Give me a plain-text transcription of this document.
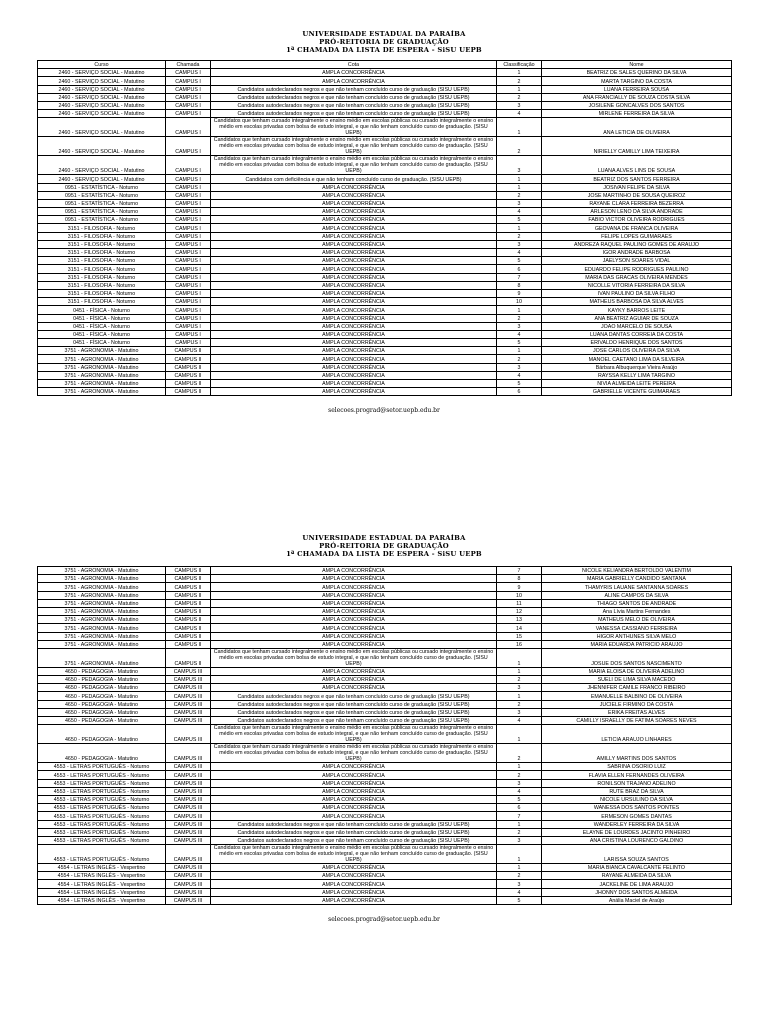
UNIVERSIDADE ESTADUAL DA PARAÍBA
PRÓ-REITORIA DE GRADUAÇÃO
1ª CHAMADA DA LISTA DE ESPERA - SiSU UEPB
Curso	Chamada	Cota	Classificação	Nome
2460 - SERVIÇO SOCIAL - Matutino	CAMPUS I	AMPLA CONCORRÊNCIA	1	BEATRIZ DE SALES QUERINO DA SILVA
2460 - SERVIÇO SOCIAL - Matutino	CAMPUS I	AMPLA CONCORRÊNCIA	2	MARTA TARGINO DA COSTA
2460 - SERVIÇO SOCIAL - Matutino	CAMPUS I	Candidatos autodeclarados negros e que não tenham concluído curso de graduação (SISU UEPB)	1	LUANA FERREIRA SOUSA
2460 - SERVIÇO SOCIAL - Matutino	CAMPUS I	Candidatos autodeclarados negros e que não tenham concluído curso de graduação (SISU UEPB)	2	ANA FRANCIALLY DE SOUZA COSTA SILVA
2460 - SERVIÇO SOCIAL - Matutino	CAMPUS I	Candidatos autodeclarados negros e que não tenham concluído curso de graduação (SISU UEPB)	3	JOSILENE GONCALVES DOS SANTOS
2460 - SERVIÇO SOCIAL - Matutino	CAMPUS I	Candidatos autodeclarados negros e que não tenham concluído curso de graduação (SISU UEPB)	4	MIRLENE FERREIRA DA SILVA
2460 - SERVIÇO SOCIAL - Matutino	CAMPUS I	Candidatos que tenham cursado integralmente o ensino médio em escolas públicas ou cursado integralmente o ensino médio em escolas privadas com bolsa de estudo integral, e que não tenham concluído curso de graduação. (SISU UEPB)	1	ANA LETICIA DE OLIVEIRA
2460 - SERVIÇO SOCIAL - Matutino	CAMPUS I	Candidatos que tenham cursado integralmente o ensino médio em escolas públicas ou cursado integralmente o ensino médio em escolas privadas com bolsa de estudo integral, e que não tenham concluído curso de graduação. (SISU UEPB)	2	NIRIELLY CAMILLY LIMA TEIXEIRA
2460 - SERVIÇO SOCIAL - Matutino	CAMPUS I	Candidatos que tenham cursado integralmente o ensino médio em escolas públicas ou cursado integralmente o ensino médio em escolas privadas com bolsa de estudo integral, e que não tenham concluído curso de graduação. (SISU UEPB)	3	LUANA ALVES LINS DE SOUSA
2460 - SERVIÇO SOCIAL - Matutino	CAMPUS I	Candidatos com deficiência e que não tenham concluído curso de graduação. (SISU UEPB)	1	BEATRIZ DOS SANTOS FERREIRA
0951 - ESTATÍSTICA - Noturno	CAMPUS I	AMPLA CONCORRÊNCIA	1	JOSIVAN FELIPE DA SILVA
0951 - ESTATÍSTICA - Noturno	CAMPUS I	AMPLA CONCORRÊNCIA	2	JOSE MARTINHO DE SOUSA QUEIROZ
0951 - ESTATÍSTICA - Noturno	CAMPUS I	AMPLA CONCORRÊNCIA	3	RAYANE CLARA FERREIRA BEZERRA
0951 - ESTATÍSTICA - Noturno	CAMPUS I	AMPLA CONCORRÊNCIA	4	ARLESON LENO DA SILVA ANDRADE
0951 - ESTATÍSTICA - Noturno	CAMPUS I	AMPLA CONCORRÊNCIA	5	FABIO VICTOR OLIVEIRA RODRIGUES
3151 - FILOSOFIA - Noturno	CAMPUS I	AMPLA CONCORRÊNCIA	1	GEOVANA DE FRANCA OLIVEIRA
3151 - FILOSOFIA - Noturno	CAMPUS I	AMPLA CONCORRÊNCIA	2	FELIPE LOPES GUIMARAES
3151 - FILOSOFIA - Noturno	CAMPUS I	AMPLA CONCORRÊNCIA	3	ANDREZA RAQUEL PAULINO GOMES DE ARAUJO
3151 - FILOSOFIA - Noturno	CAMPUS I	AMPLA CONCORRÊNCIA	4	IGOR ANDRADE BARBOSA
3151 - FILOSOFIA - Noturno	CAMPUS I	AMPLA CONCORRÊNCIA	5	JAELYSON SOARES VIDAL
3151 - FILOSOFIA - Noturno	CAMPUS I	AMPLA CONCORRÊNCIA	6	EDUARDO FELIPE RODRIGUES PAULINO
3151 - FILOSOFIA - Noturno	CAMPUS I	AMPLA CONCORRÊNCIA	7	MARIA DAS GRACAS OLIVEIRA MENDES
3151 - FILOSOFIA - Noturno	CAMPUS I	AMPLA CONCORRÊNCIA	8	NICOLLE VITORIA FERREIRA DA SILVA
3151 - FILOSOFIA - Noturno	CAMPUS I	AMPLA CONCORRÊNCIA	9	IVAN PAULINO DA SILVA FILHO
3151 - FILOSOFIA - Noturno	CAMPUS I	AMPLA CONCORRÊNCIA	10	MATHEUS BARBOSA DA SILVA ALVES
0451 - FÍSICA - Noturno	CAMPUS I	AMPLA CONCORRÊNCIA	1	KAYKY BARROS LEITE
0451 - FÍSICA - Noturno	CAMPUS I	AMPLA CONCORRÊNCIA	2	ANA BEATRIZ AGUIAR DE SOUZA
0451 - FÍSICA - Noturno	CAMPUS I	AMPLA CONCORRÊNCIA	3	JOAO MARCELO DE SOUSA
0451 - FÍSICA - Noturno	CAMPUS I	AMPLA CONCORRÊNCIA	4	LUANA DANTAS CORREIA DA COSTA
0451 - FÍSICA - Noturno	CAMPUS I	AMPLA CONCORRÊNCIA	5	ERIVALDO HENRIQUE DOS SANTOS
3751 - AGRONOMIA - Matutino	CAMPUS II	AMPLA CONCORRÊNCIA	1	JOSE CARLOS OLIVEIRA DA SILVA
3751 - AGRONOMIA - Matutino	CAMPUS II	AMPLA CONCORRÊNCIA	2	MANOEL CAETANO LIMA DA SILVEIRA
3751 - AGRONOMIA - Matutino	CAMPUS II	AMPLA CONCORRÊNCIA	3	Bárbara Albuquerque Vieira Araújo
3751 - AGRONOMIA - Matutino	CAMPUS II	AMPLA CONCORRÊNCIA	4	RAYSSA KELLY LIMA TARGINO
3751 - AGRONOMIA - Matutino	CAMPUS II	AMPLA CONCORRÊNCIA	5	NIVIA ALMEIDA LEITE PEREIRA
3751 - AGRONOMIA - Matutino	CAMPUS II	AMPLA CONCORRÊNCIA	6	GABRIELLE VICENTE GUIMARAES
selecoes.prograd@setor.uepb.edu.br
UNIVERSIDADE ESTADUAL DA PARAÍBA
PRÓ-REITORIA DE GRADUAÇÃO
1ª CHAMADA DA LISTA DE ESPERA - SiSU UEPB
3751 - AGRONOMIA - Matutino	CAMPUS II	AMPLA CONCORRÊNCIA	7	NICOLE KELIANDRA BERTOLDO VALENTIM
3751 - AGRONOMIA - Matutino	CAMPUS II	AMPLA CONCORRÊNCIA	8	MARIA GABRIELLY CANDIDO SANTANA
3751 - AGRONOMIA - Matutino	CAMPUS II	AMPLA CONCORRÊNCIA	9	THAMYRIS LAUANE SANTANNA SOARES
3751 - AGRONOMIA - Matutino	CAMPUS II	AMPLA CONCORRÊNCIA	10	ALINE CAMPOS DA SILVA
3751 - AGRONOMIA - Matutino	CAMPUS II	AMPLA CONCORRÊNCIA	11	THIAGO SANTOS DE ANDRADE
3751 - AGRONOMIA - Matutino	CAMPUS II	AMPLA CONCORRÊNCIA	12	Ana Lívia Martins Fernandes
3751 - AGRONOMIA - Matutino	CAMPUS II	AMPLA CONCORRÊNCIA	13	MATHEUS MELO DE OLIVEIRA
3751 - AGRONOMIA - Matutino	CAMPUS II	AMPLA CONCORRÊNCIA	14	VANESSA CASSIANO FERREIRA
3751 - AGRONOMIA - Matutino	CAMPUS II	AMPLA CONCORRÊNCIA	15	HIGOR ANTHUNES SILVA MELO
3751 - AGRONOMIA - Matutino	CAMPUS II	AMPLA CONCORRÊNCIA	16	MARIA EDUARDA PATRICIO ARAUJO
3751 - AGRONOMIA - Matutino	CAMPUS II	Candidatos que tenham cursado integralmente o ensino médio em escolas públicas ou cursado integralmente o ensino médio em escolas privadas com bolsa de estudo integral, e que não tenham concluído curso de graduação. (SISU UEPB)	1	JOSUE DOS SANTOS NASCIMENTO
4650 - PEDAGOGIA - Matutino	CAMPUS III	AMPLA CONCORRÊNCIA	1	MARIA ELOISA DE OLIVEIRA ADELINO
4650 - PEDAGOGIA - Matutino	CAMPUS III	AMPLA CONCORRÊNCIA	2	SUELI DE LIMA SILVA MACEDO
4650 - PEDAGOGIA - Matutino	CAMPUS III	AMPLA CONCORRÊNCIA	3	JHENNIFER CAMILE FRANCO RIBEIRO
4650 - PEDAGOGIA - Matutino	CAMPUS III	Candidatos autodeclarados negros e que não tenham concluído curso de graduação (SISU UEPB)	1	EMANUELLE BALBINO DE OLIVEIRA
4650 - PEDAGOGIA - Matutino	CAMPUS III	Candidatos autodeclarados negros e que não tenham concluído curso de graduação (SISU UEPB)	2	JUCIELE FIRMINO DA COSTA
4650 - PEDAGOGIA - Matutino	CAMPUS III	Candidatos autodeclarados negros e que não tenham concluído curso de graduação (SISU UEPB)	3	ERIKA FREITAS ALVES
4650 - PEDAGOGIA - Matutino	CAMPUS III	Candidatos autodeclarados negros e que não tenham concluído curso de graduação (SISU UEPB)	4	CAMILLY ISRAELLY DE FATIMA SOARES NEVES
4650 - PEDAGOGIA - Matutino	CAMPUS III	Candidatos que tenham cursado integralmente o ensino médio em escolas públicas ou cursado integralmente o ensino médio em escolas privadas com bolsa de estudo integral, e que não tenham concluído curso de graduação. (SISU UEPB)	1	LETICIA ARAUJO LINHARES
4650 - PEDAGOGIA - Matutino	CAMPUS III	Candidatos que tenham cursado integralmente o ensino médio em escolas públicas ou cursado integralmente o ensino médio em escolas privadas com bolsa de estudo integral, e que não tenham concluído curso de graduação. (SISU UEPB)	2	AMILLY MARTINS DOS SANTOS
4553 - LETRAS PORTUGUÊS - Noturno	CAMPUS III	AMPLA CONCORRÊNCIA	1	SABRINA OSORIO LUIZ
4553 - LETRAS PORTUGUÊS - Noturno	CAMPUS III	AMPLA CONCORRÊNCIA	2	FLAVIA ELLEN FERNANDES OLIVEIRA
4553 - LETRAS PORTUGUÊS - Noturno	CAMPUS III	AMPLA CONCORRÊNCIA	3	RONILSON TRAJANO ADELINO
4553 - LETRAS PORTUGUÊS - Noturno	CAMPUS III	AMPLA CONCORRÊNCIA	4	RUTE BRAZ DA SILVA
4553 - LETRAS PORTUGUÊS - Noturno	CAMPUS III	AMPLA CONCORRÊNCIA	5	NICOLE URSULINO DA SILVA
4553 - LETRAS PORTUGUÊS - Noturno	CAMPUS III	AMPLA CONCORRÊNCIA	6	WANESSA DOS SANTOS PONTES
4553 - LETRAS PORTUGUÊS - Noturno	CAMPUS III	AMPLA CONCORRÊNCIA	7	ERMESON GOMES DANTAS
4553 - LETRAS PORTUGUÊS - Noturno	CAMPUS III	Candidatos autodeclarados negros e que não tenham concluído curso de graduação (SISU UEPB)	1	WANDERLEY FERREIRA DA SILVA
4553 - LETRAS PORTUGUÊS - Noturno	CAMPUS III	Candidatos autodeclarados negros e que não tenham concluído curso de graduação (SISU UEPB)	2	ELAYNE DE LOURDES JACINTO PINHEIRO
4553 - LETRAS PORTUGUÊS - Noturno	CAMPUS III	Candidatos autodeclarados negros e que não tenham concluído curso de graduação (SISU UEPB)	3	ANA CRISTINA LOURENCO GALDINO
4553 - LETRAS PORTUGUÊS - Noturno	CAMPUS III	Candidatos que tenham cursado integralmente o ensino médio em escolas públicas ou cursado integralmente o ensino médio em escolas privadas com bolsa de estudo integral, e que não tenham concluído curso de graduação. (SISU UEPB)	1	LARISSA SOUZA SANTOS
4554 - LETRAS INGLÊS - Vespertino	CAMPUS III	AMPLA CONCORRÊNCIA	1	MARIA BIANCA CAVALCANTE FELINTO
4554 - LETRAS INGLÊS - Vespertino	CAMPUS III	AMPLA CONCORRÊNCIA	2	RAYANE ALMEIDA DA SILVA
4554 - LETRAS INGLÊS - Vespertino	CAMPUS III	AMPLA CONCORRÊNCIA	3	JACKELINE DE LIMA ARAUJO
4554 - LETRAS INGLÊS - Vespertino	CAMPUS III	AMPLA CONCORRÊNCIA	4	JHONNY DOS SANTOS ALMEIDA
4554 - LETRAS INGLÊS - Vespertino	CAMPUS III	AMPLA CONCORRÊNCIA	5	Anália Maciel de Araújo
selecoes.prograd@setor.uepb.edu.br
